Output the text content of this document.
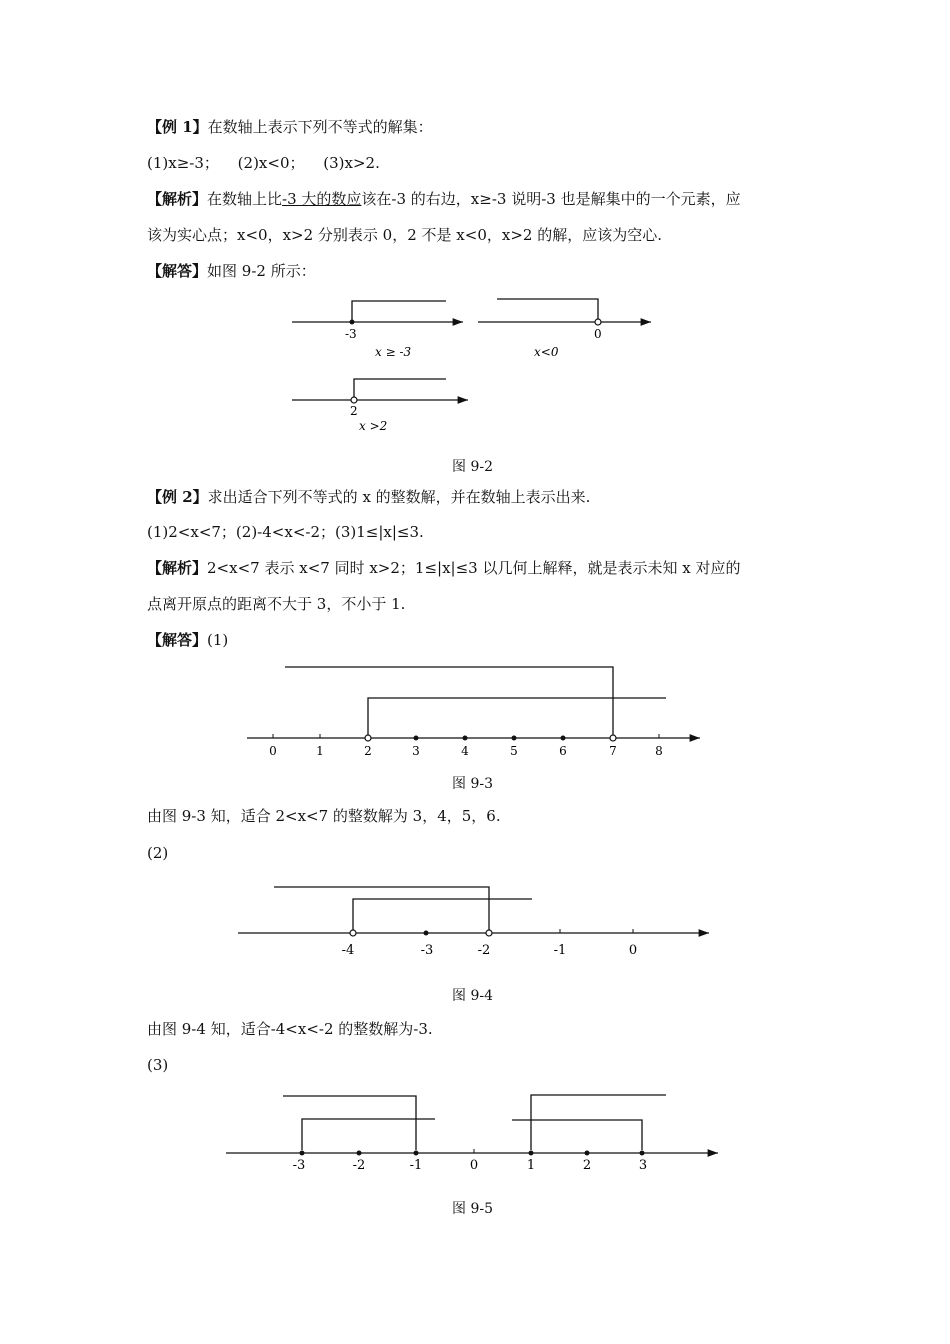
【例 1】在数轴上表示下列不等式的解集：
(1)x≥-3； (2)x<0； (3)x>2.
【解析】在数轴上比-3 大的数应该在-3 的右边，x≥-3 说明-3 也是解集中的一个元素，应
该为实心点；x<0，x>2 分别表示 0，2 不是 x<0，x>2 的解，应该为空心.
【解答】如图 9-2 所示：
-3
x ≥ -3
0
x<0
2
x >2
图 9-2
【例 2】求出适合下列不等式的 x 的整数解，并在数轴上表示出来.
(1)2<x<7；(2)-4<x<-2；(3)1≤|x|≤3.
【解析】2<x<7 表示 x<7 同时 x>2；1≤|x|≤3 以几何上解释，就是表示未知 x 对应的
点离开原点的距离不大于 3，不小于 1.
【解答】(1)
0	1	2	3	4	5	6	7	8
图 9-3
由图 9-3 知，适合 2<x<7 的整数解为 3，4，5，6.
(2)
-4	-3	-2	-1	0
图 9-4
由图 9-4 知，适合-4<x<-2 的整数解为-3.
(3)
-3	-2	-1	0	1	2	3
图 9-5
